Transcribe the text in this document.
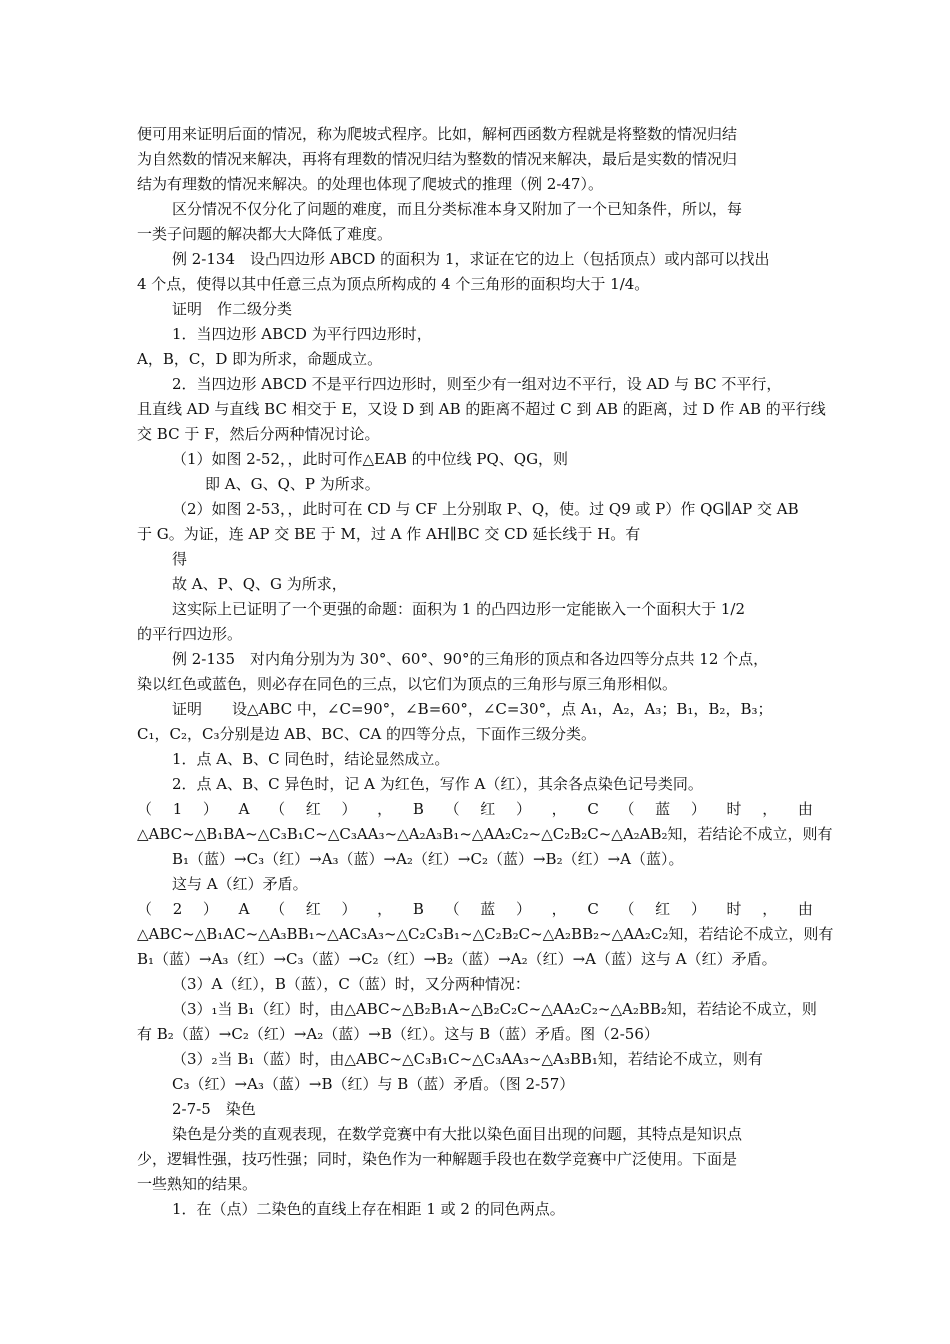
便可用来证明后面的情况，称为爬坡式程序。比如，解柯西函数方程就是将整数的情况归结
为自然数的情况来解决，再将有理数的情况归结为整数的情况来解决，最后是实数的情况归
结为有理数的情况来解决。的处理也体现了爬坡式的推理（例 2-47）。
区分情况不仅分化了问题的难度，而且分类标准本身又附加了一个已知条件，所以，每
一类子问题的解决都大大降低了难度。
例 2-134　设凸四边形 ABCD 的面积为 1，求证在它的边上（包括顶点）或内部可以找出
4 个点，使得以其中任意三点为顶点所构成的 4 个三角形的面积均大于 1/4。
证明　作二级分类
1．当四边形 ABCD 为平行四边形时，
A，B，C，D 即为所求，命题成立。
2．当四边形 ABCD 不是平行四边形时，则至少有一组对边不平行，设 AD 与 BC 不平行，
且直线 AD 与直线 BC 相交于 E，又设 D 到 AB 的距离不超过 C 到 AB 的距离，过 D 作 AB 的平行线
交 BC 于 F，然后分两种情况讨论。
（1）如图 2-52，，此时可作△EAB 的中位线 PQ、QG，则
即 A、G、Q、P 为所求。
（2）如图 2-53，，此时可在 CD 与 CF 上分别取 P、Q，使。过 Q9 或 P）作 QG∥AP 交 AB
于 G。为证，连 AP 交 BE 于 M，过 A 作 AH∥BC 交 CD 延长线于 H。有
得
故 A、P、Q、G 为所求，
这实际上已证明了一个更强的命题：面积为 1 的凸四边形一定能嵌入一个面积大于 1/2
的平行四边形。
例 2-135　对内角分别为为 30°、60°、90°的三角形的顶点和各边四等分点共 12 个点，
染以红色或蓝色，则必存在同色的三点，以它们为顶点的三角形与原三角形相似。
证明　　设△ABC 中，∠C=90°，∠B=60°，∠C=30°，点 A₁，A₂，A₃；B₁，B₂，B₃；
C₁，C₂，C₃分别是边 AB、BC、CA 的四等分点，下面作三级分类。
1．点 A、B、C 同色时，结论显然成立。
2．点 A、B、C 异色时，记 A 为红色，写作 A（红），其余各点染色记号类同。
（ 1 ） A （ 红 ） ， B （ 红 ） ， C （ 蓝 ） 时 ， 由
△ABC~△B₁BA~△C₃B₁C~△C₃AA₃~△A₂A₃B₁~△AA₂C₂~△C₂B₂C~△A₂AB₂知，若结论不成立，则有
B₁（蓝）→C₃（红）→A₃（蓝）→A₂（红）→C₂（蓝）→B₂（红）→A（蓝）。
这与 A（红）矛盾。
（ 2 ） A （ 红 ） ， B （ 蓝 ） ， C （ 红 ） 时 ， 由
△ABC~△B₁AC~△A₃BB₁~△AC₃A₃~△C₂C₃B₁~△C₂B₂C~△A₂BB₂~△AA₂C₂知，若结论不成立，则有
B₁（蓝）→A₃（红）→C₃（蓝）→C₂（红）→B₂（蓝）→A₂（红）→A（蓝）这与 A（红）矛盾。
（3）A（红），B（蓝），C（蓝）时，又分两种情况：
（3）₁当 B₁（红）时，由△ABC~△B₂B₁A~△B₂C₂C~△AA₂C₂~△A₂BB₂知，若结论不成立，则
有 B₂（蓝）→C₂（红）→A₂（蓝）→B（红）。这与 B（蓝）矛盾。图（2-56）
（3）₂当 B₁（蓝）时，由△ABC~△C₃B₁C~△C₃AA₃~△A₃BB₁知，若结论不成立，则有
C₃（红）→A₃（蓝）→B（红）与 B（蓝）矛盾。（图 2-57）
2-7-5　染色
染色是分类的直观表现，在数学竞赛中有大批以染色面目出现的问题，其特点是知识点
少，逻辑性强，技巧性强；同时，染色作为一种解题手段也在数学竞赛中广泛使用。下面是
一些熟知的结果。
1．在（点）二染色的直线上存在相距 1 或 2 的同色两点。
